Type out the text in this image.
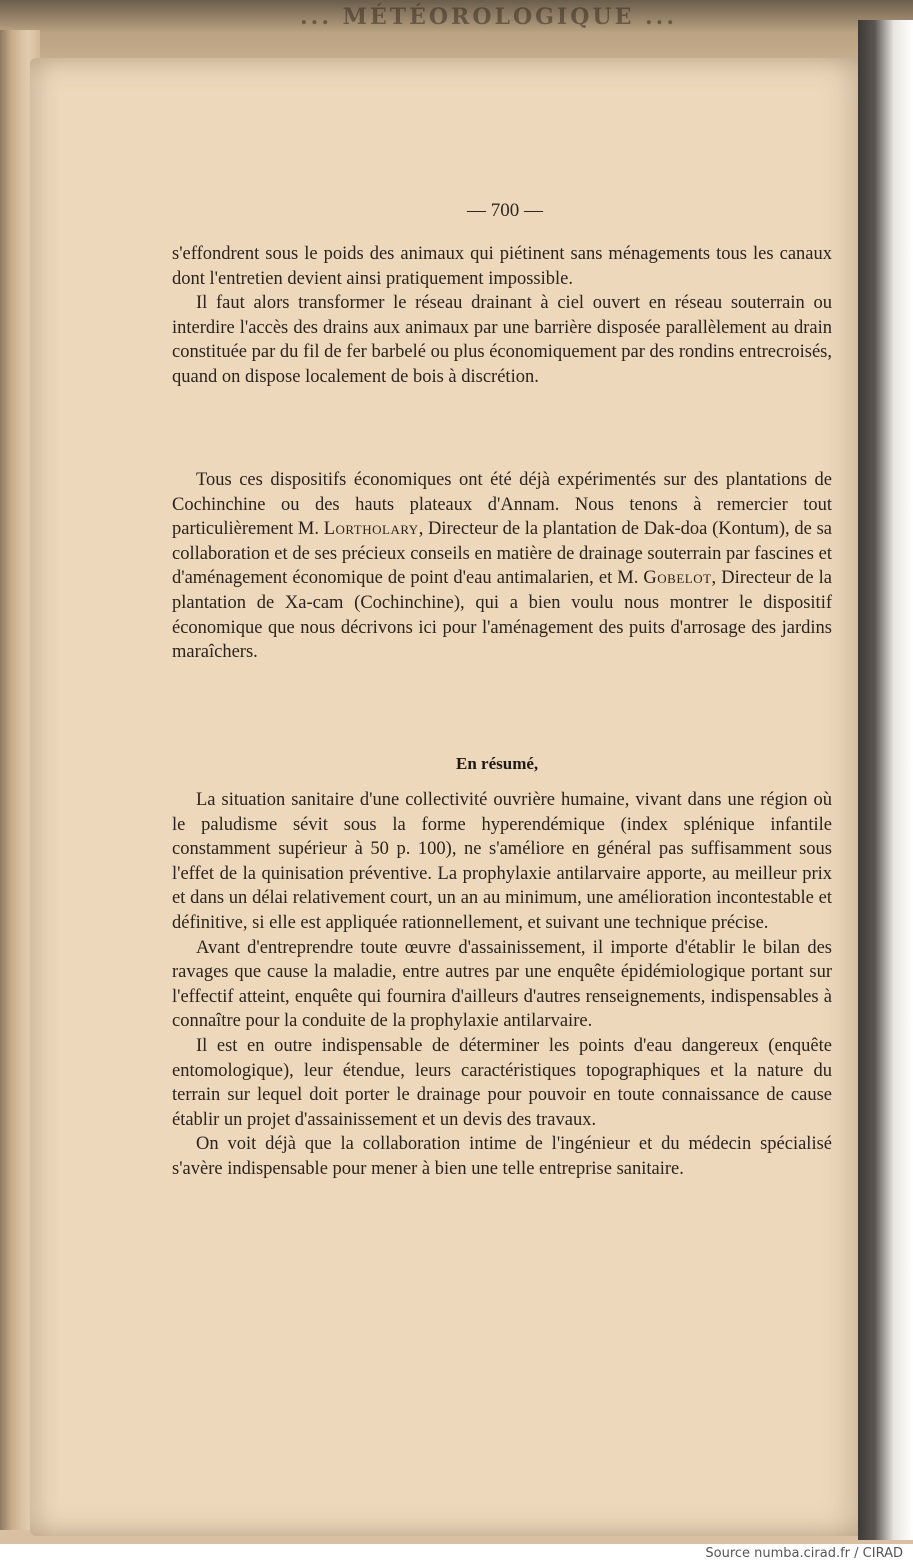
... MÉTÉOROLOGIQUE ...
— 700 —

s'effondrent sous le poids des animaux qui piétinent sans ménagements tous les canaux dont l'entretien devient ainsi pratiquement impossible.

Il faut alors transformer le réseau drainant à ciel ouvert en réseau souterrain ou interdire l'accès des drains aux animaux par une barrière disposée parallèlement au drain constituée par du fil de fer barbelé ou plus économiquement par des rondins entrecroisés, quand on dispose localement de bois à discrétion.

Tous ces dispositifs économiques ont été déjà expérimentés sur des plantations de Cochinchine ou des hauts plateaux d'Annam. Nous tenons à remercier tout particulièrement M. Lortholary, Directeur de la plantation de Dak-doa (Kontum), de sa collaboration et de ses précieux conseils en matière de drainage souterrain par fascines et d'aménagement économique de point d'eau antimalarien, et M. Gobelot, Directeur de la plantation de Xa-cam (Cochinchine), qui a bien voulu nous montrer le dispositif économique que nous décrivons ici pour l'aménagement des puits d'arrosage des jardins maraîchers.

En résumé,

La situation sanitaire d'une collectivité ouvrière humaine, vivant dans une région où le paludisme sévit sous la forme hyperendémique (index splénique infantile constamment supérieur à 50 p. 100), ne s'améliore en général pas suffisamment sous l'effet de la quinisation préventive. La prophylaxie antilarvaire apporte, au meilleur prix et dans un délai relativement court, un an au minimum, une amélioration incontestable et définitive, si elle est appliquée rationnellement, et suivant une technique précise.

Avant d'entreprendre toute œuvre d'assainissement, il importe d'établir le bilan des ravages que cause la maladie, entre autres par une enquête épidémiologique portant sur l'effectif atteint, enquête qui fournira d'ailleurs d'autres renseignements, indispensables à connaître pour la conduite de la prophylaxie antilarvaire.

Il est en outre indispensable de déterminer les points d'eau dangereux (enquête entomologique), leur étendue, leurs caractéristiques topographiques et la nature du terrain sur lequel doit porter le drainage pour pouvoir en toute connaissance de cause établir un projet d'assainissement et un devis des travaux.

On voit déjà que la collaboration intime de l'ingénieur et du médecin spécialisé s'avère indispensable pour mener à bien une telle entreprise sanitaire.

Source numba.cirad.fr / CIRAD
